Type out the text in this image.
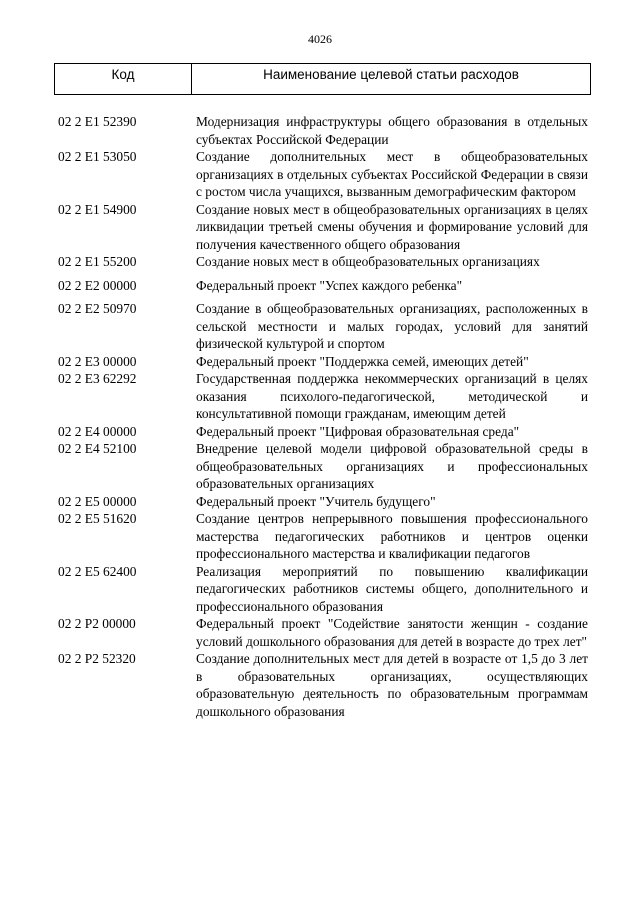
4026
Код	Наименование целевой статьи расходов
02 2 E1 52390	Модернизация инфраструктуры общего образования в отдельных субъектах Российской Федерации
02 2 E1 53050	Создание дополнительных мест в общеобразовательных организациях в отдельных субъектах Российской Федерации в связи с ростом числа учащихся, вызванным демографическим фактором
02 2 E1 54900	Создание новых мест в общеобразовательных организациях в целях ликвидации третьей смены обучения и формирование условий для получения качественного общего образования
02 2 E1 55200	Создание новых мест в общеобразовательных организациях
02 2 E2 00000	Федеральный проект "Успех каждого ребенка"
02 2 E2 50970	Создание в общеобразовательных организациях, расположенных в сельской местности и малых городах, условий для занятий физической культурой и спортом
02 2 E3 00000	Федеральный проект "Поддержка семей, имеющих детей"
02 2 E3 62292	Государственная поддержка некоммерческих организаций в целях оказания психолого-педагогической, методической и консультативной помощи гражданам, имеющим детей
02 2 E4 00000	Федеральный проект "Цифровая образовательная среда"
02 2 E4 52100	Внедрение целевой модели цифровой образовательной среды в общеобразовательных организациях и профессиональных образовательных организациях
02 2 E5 00000	Федеральный проект "Учитель будущего"
02 2 E5 51620	Создание центров непрерывного повышения профессионального мастерства педагогических работников и центров оценки профессионального мастерства и квалификации педагогов
02 2 E5 62400	Реализация мероприятий по повышению квалификации педагогических работников системы общего, дополнительного и профессионального образования
02 2 P2 00000	Федеральный проект "Содействие занятости женщин - создание условий дошкольного образования для детей в возрасте до трех лет"
02 2 P2 52320	Создание дополнительных мест для детей в возрасте от 1,5 до 3 лет в образовательных организациях, осуществляющих образовательную деятельность по образовательным программам дошкольного образования
